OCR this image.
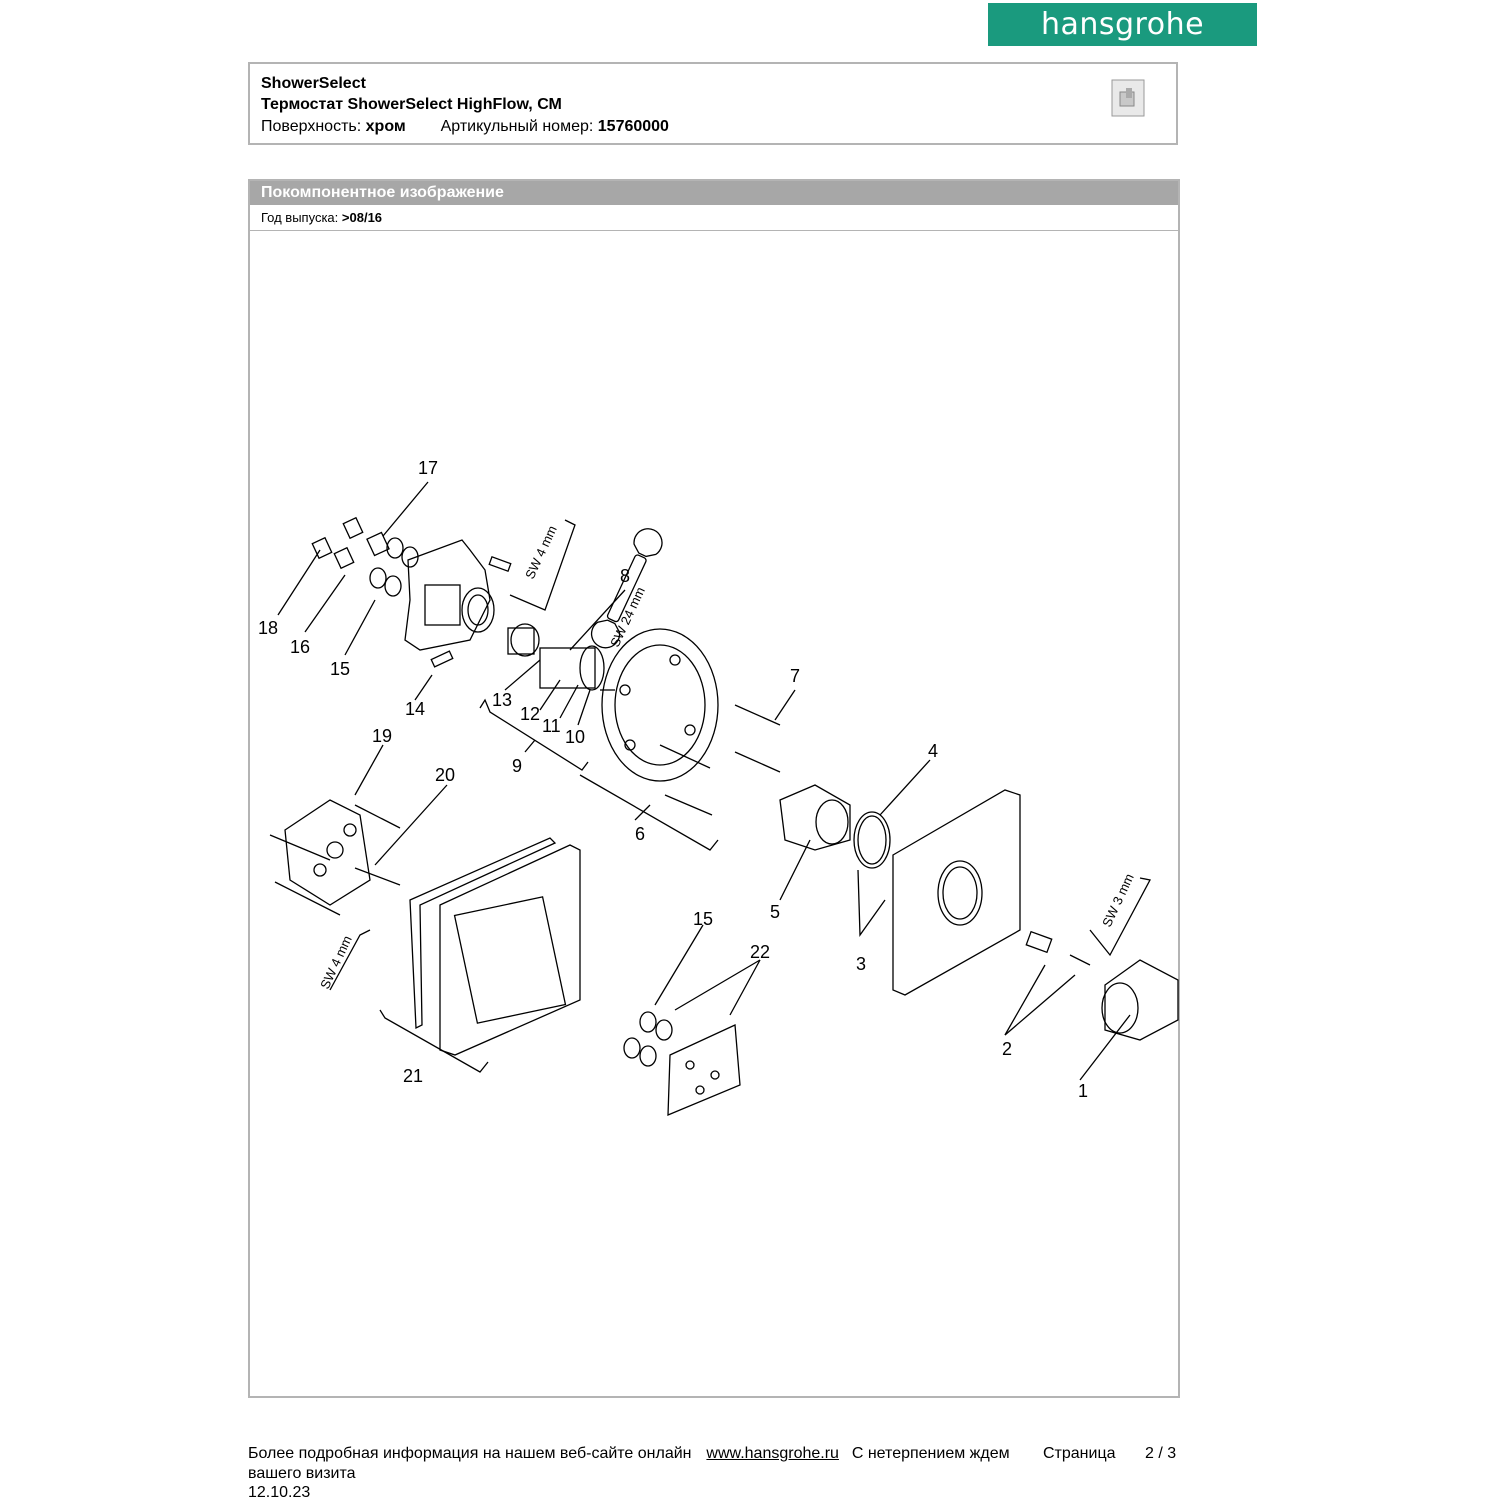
hansgrohe
ShowerSelect
Термостат ShowerSelect HighFlow, СМ
Поверхность: хром Артикульный номер: 15760000
Покомпонентное изображение
Год выпуска: >08/16
SW 4 mm
SW 24 mm
SW 4 mm
SW 3 mm
1
2
3
4
5
6
7
8
9
10
11
12
13
14
15
16
17
18
19
20
21
22
15
Более подробная информация на нашем веб-сайте онлайн www.hansgrohe.ru С нетерпением ждем Страница 2 / 3
вашего визита
12.10.23
